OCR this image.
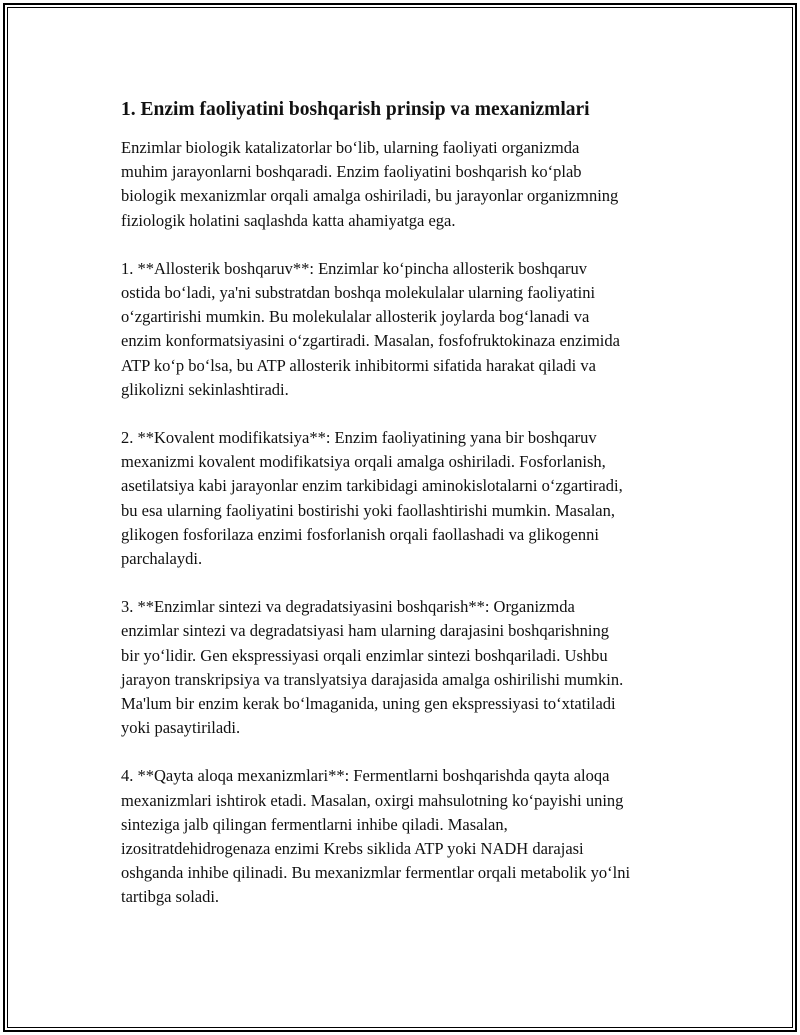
1. Enzim faoliyatini boshqarish prinsip va mexanizmlari

Enzimlar biologik katalizatorlar bo‘lib, ularning faoliyati organizmda
muhim jarayonlarni boshqaradi. Enzim faoliyatini boshqarish ko‘plab
biologik mexanizmlar orqali amalga oshiriladi, bu jarayonlar organizmning
fiziologik holatini saqlashda katta ahamiyatga ega.

1. **Allosterik boshqaruv**: Enzimlar ko‘pincha allosterik boshqaruv
ostida bo‘ladi, ya'ni substratdan boshqa molekulalar ularning faoliyatini
o‘zgartirishi mumkin. Bu molekulalar allosterik joylarda bog‘lanadi va
enzim konformatsiyasini o‘zgartiradi. Masalan, fosfofruktokinaza enzimida
ATP ko‘p bo‘lsa, bu ATP allosterik inhibitormi sifatida harakat qiladi va
glikolizni sekinlashtiradi.

2. **Kovalent modifikatsiya**: Enzim faoliyatining yana bir boshqaruv
mexanizmi kovalent modifikatsiya orqali amalga oshiriladi. Fosforlanish,
asetilatsiya kabi jarayonlar enzim tarkibidagi aminokislotalarni o‘zgartiradi,
bu esa ularning faoliyatini bostirishi yoki faollashtirishi mumkin. Masalan,
glikogen fosforilaza enzimi fosforlanish orqali faollashadi va glikogenni
parchalaydi.

3. **Enzimlar sintezi va degradatsiyasini boshqarish**: Organizmda
enzimlar sintezi va degradatsiyasi ham ularning darajasini boshqarishning
bir yo‘lidir. Gen ekspressiyasi orqali enzimlar sintezi boshqariladi. Ushbu
jarayon transkripsiya va translyatsiya darajasida amalga oshirilishi mumkin.
Ma'lum bir enzim kerak bo‘lmaganida, uning gen ekspressiyasi to‘xtatiladi
yoki pasaytiriladi.

4. **Qayta aloqa mexanizmlari**: Fermentlarni boshqarishda qayta aloqa
mexanizmlari ishtirok etadi. Masalan, oxirgi mahsulotning ko‘payishi uning
sinteziga jalb qilingan fermentlarni inhibe qiladi. Masalan,
izositratdehidrogenaza enzimi Krebs siklida ATP yoki NADH darajasi
oshganda inhibe qilinadi. Bu mexanizmlar fermentlar orqali metabolik yo‘lni
tartibga soladi.
